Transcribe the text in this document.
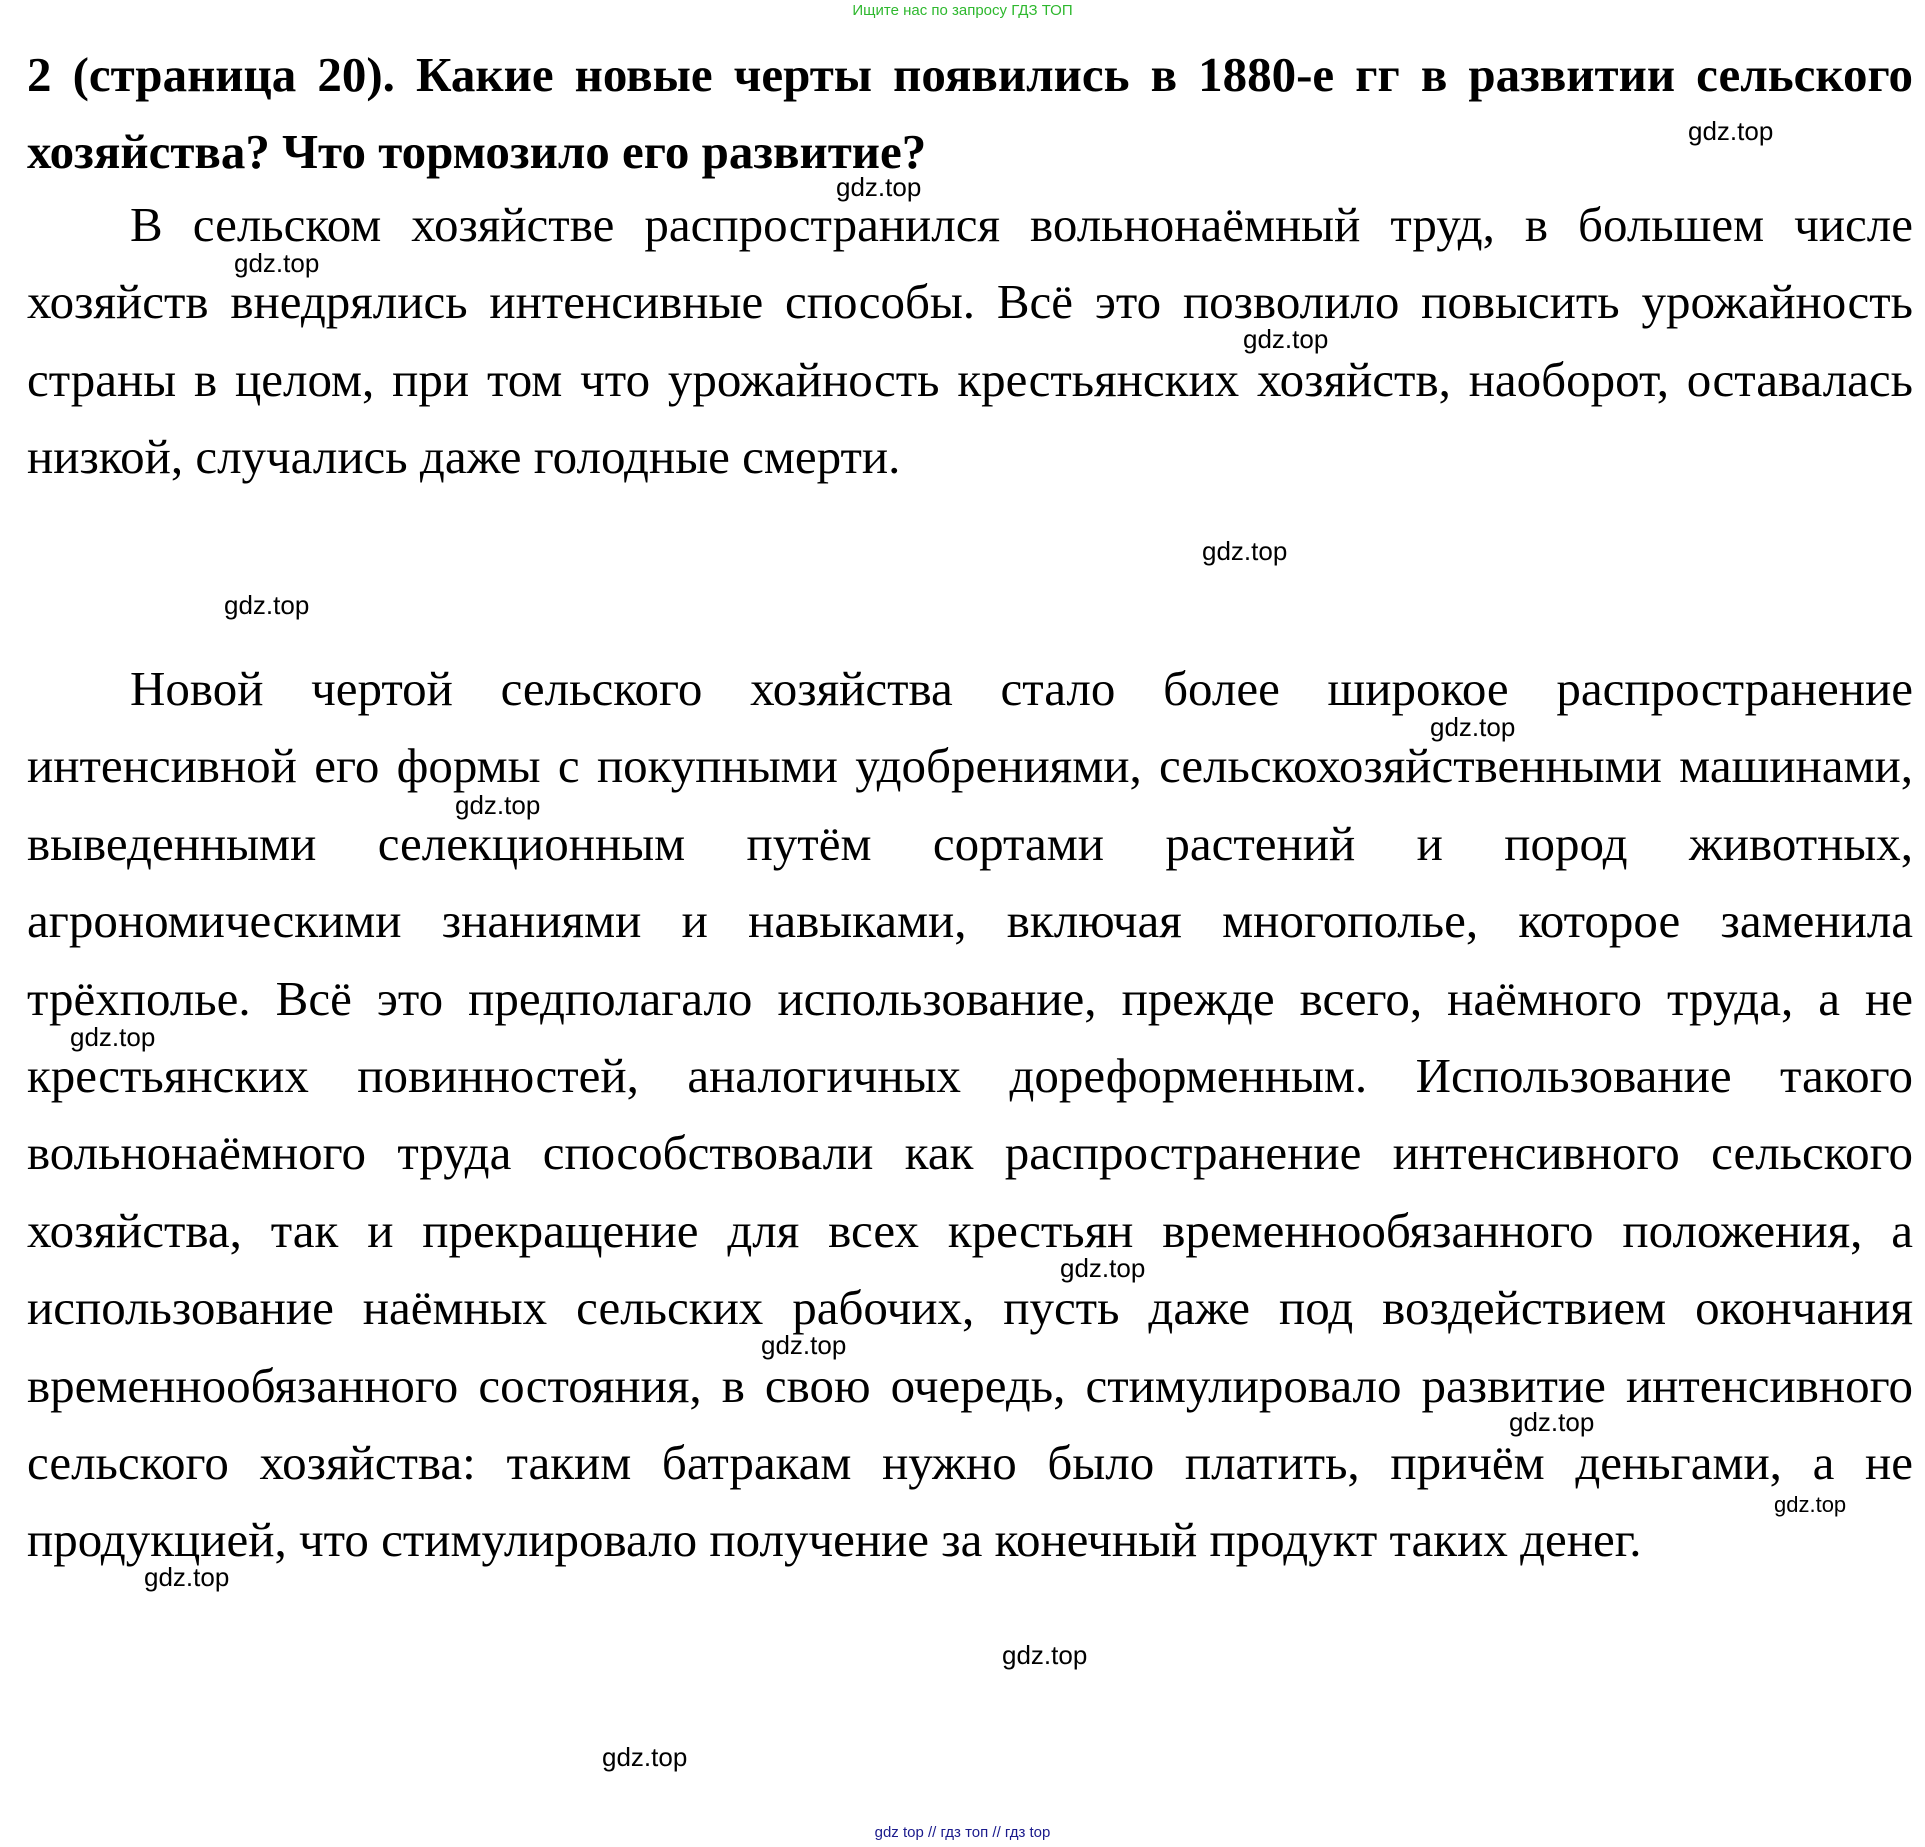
Ищите нас по запросу ГДЗ ТОП
2 (страница 20). Какие новые черты появились в 1880-е гг в развитии сельского хозяйства? Что тормозило его развитие?

В сельском хозяйстве распространился вольнонаёмный труд, в большем числе хозяйств внедрялись интенсивные способы. Всё это позволило повысить урожайность страны в целом, при том что урожайность крестьянских хозяйств, наоборот, оставалась низкой, случались даже голодные смерти.

Новой чертой сельского хозяйства стало более широкое распространение интенсивной его формы с покупными удобрениями, сельскохозяйственными машинами, выведенными селекционным путём сортами растений и пород животных, агрономическими знаниями и навыками, включая многополье, которое заменила трёхполье. Всё это предполагало использование, прежде всего, наёмного труда, а не крестьянских повинностей, аналогичных дореформенным. Использование такого вольнонаёмного труда способствовали как распространение интенсивного сельского хозяйства, так и прекращение для всех крестьян временнообязанного положения, а использование наёмных сельских рабочих, пусть даже под воздействием окончания временнообязанного состояния, в свою очередь, стимулировало развитие интенсивного сельского хозяйства: таким батракам нужно было платить, причём деньгами, а не продукцией, что стимулировало получение за конечный продукт таких денег.

gdz.top
gdz.top
gdz.top
gdz.top
gdz.top
gdz.top
gdz.top
gdz.top
gdz.top
gdz.top
gdz.top
gdz.top
gdz.top
gdz.top
gdz.top
gdz.top
gdz top // гдз топ // гдз top
